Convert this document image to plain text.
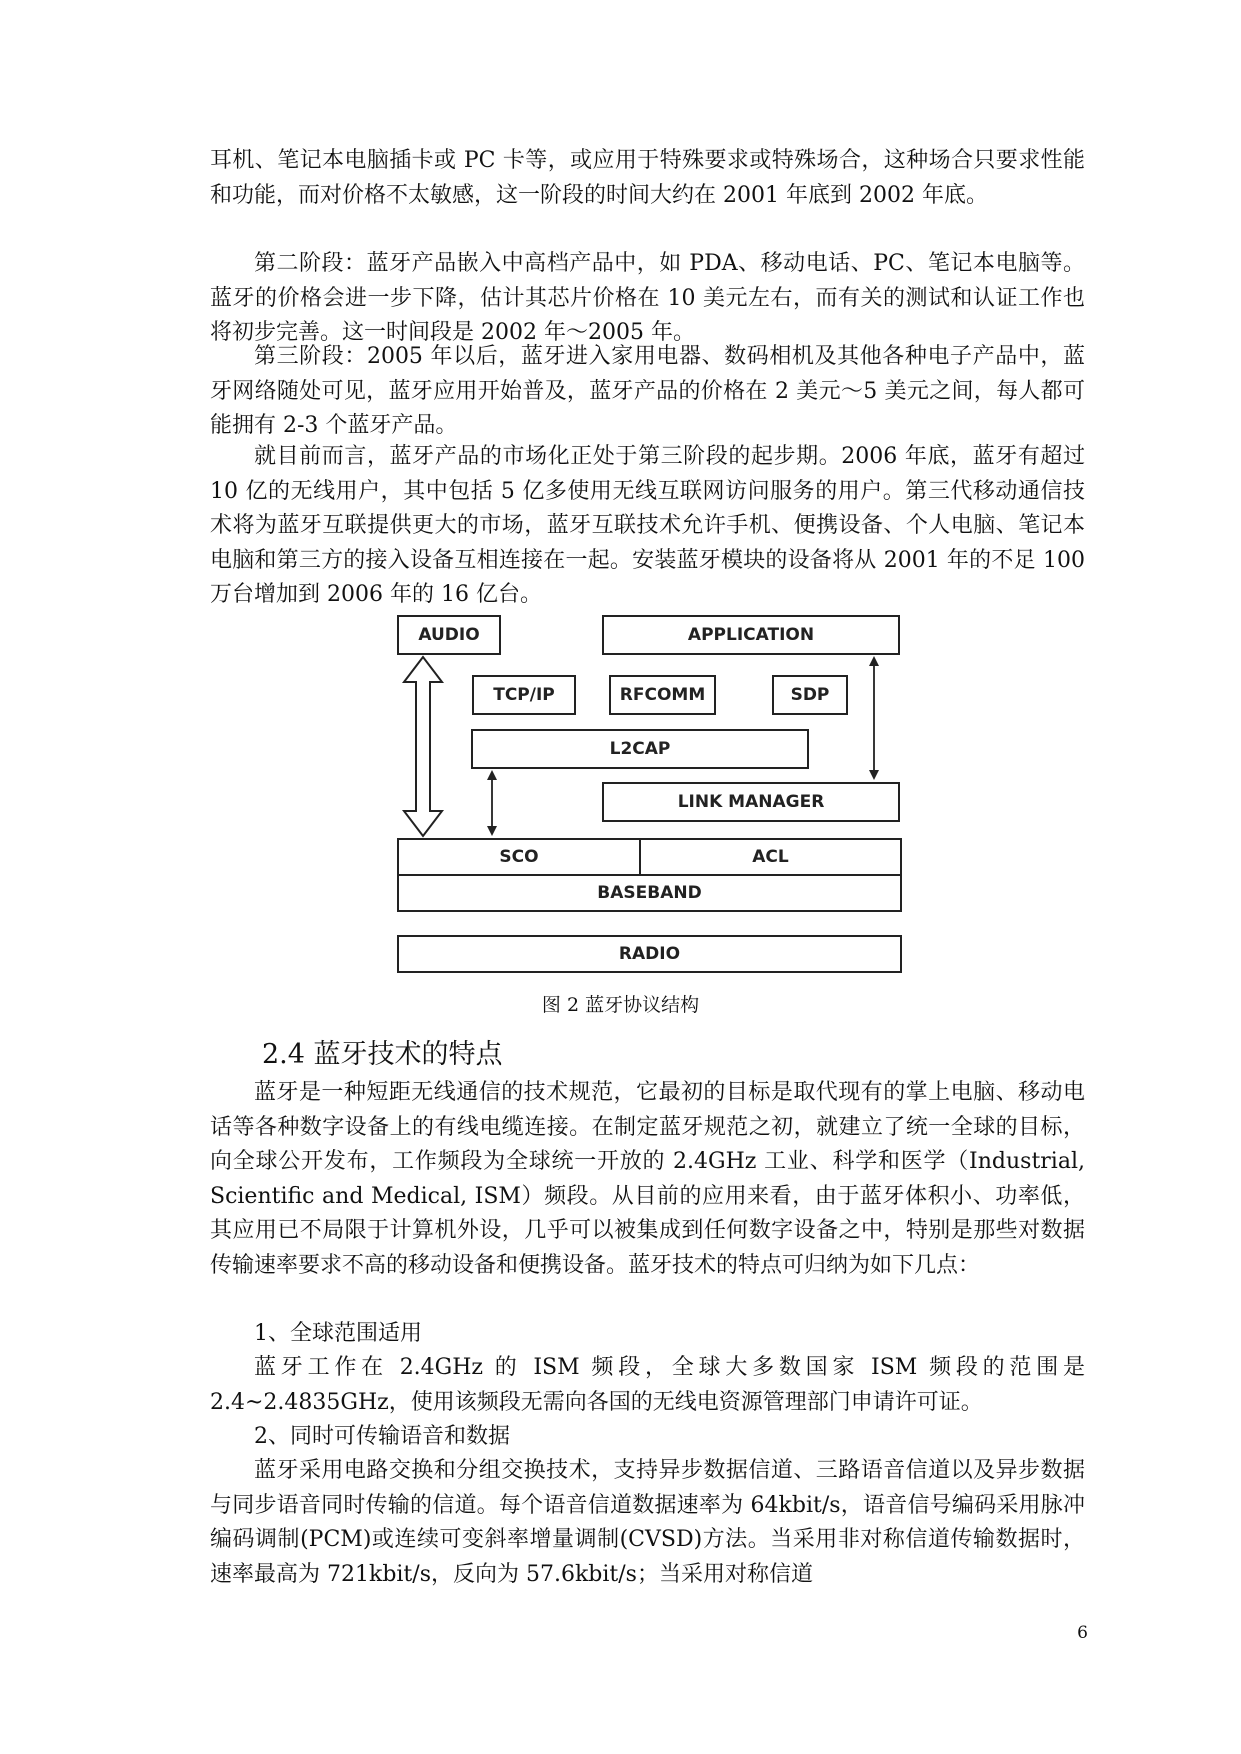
耳机、笔记本电脑插卡或 PC 卡等，或应用于特殊要求或特殊场合，这种场合只要求性能和功能，而对价格不太敏感，这一阶段的时间大约在 2001 年底到 2002 年底。

第二阶段：蓝牙产品嵌入中高档产品中，如 PDA、移动电话、PC、笔记本电脑等。蓝牙的价格会进一步下降，估计其芯片价格在 10 美元左右，而有关的测试和认证工作也将初步完善。这一时间段是 2002 年～2005 年。

第三阶段：2005 年以后，蓝牙进入家用电器、数码相机及其他各种电子产品中，蓝牙网络随处可见，蓝牙应用开始普及，蓝牙产品的价格在 2 美元～5 美元之间，每人都可能拥有 2-3 个蓝牙产品。

就目前而言，蓝牙产品的市场化正处于第三阶段的起步期。2006 年底，蓝牙有超过 10 亿的无线用户，其中包括 5 亿多使用无线互联网访问服务的用户。第三代移动通信技术将为蓝牙互联提供更大的市场，蓝牙互联技术允许手机、便携设备、个人电脑、笔记本电脑和第三方的接入设备互相连接在一起。安装蓝牙模块的设备将从 2001 年的不足 100 万台增加到 2006 年的 16 亿台。

AUDIO	APPLICATION
TCP/IP	RFCOMM	SDP
L2CAP
LINK MANAGER
SCO	ACL
BASEBAND
RADIO
图 2 蓝牙协议结构
2.4 蓝牙技术的特点

蓝牙是一种短距无线通信的技术规范，它最初的目标是取代现有的掌上电脑、移动电话等各种数字设备上的有线电缆连接。在制定蓝牙规范之初，就建立了统一全球的目标，向全球公开发布，工作频段为全球统一开放的 2.4GHz 工业、科学和医学（Industrial, Scientific and Medical, ISM）频段。从目前的应用来看，由于蓝牙体积小、功率低，其应用已不局限于计算机外设，几乎可以被集成到任何数字设备之中，特别是那些对数据传输速率要求不高的移动设备和便携设备。蓝牙技术的特点可归纳为如下几点：

1、全球范围适用

蓝牙工作在 2.4GHz 的 ISM 频段，全球大多数国家 ISM 频段的范围是 2.4~2.4835GHz，使用该频段无需向各国的无线电资源管理部门申请许可证。

2、同时可传输语音和数据

蓝牙采用电路交换和分组交换技术，支持异步数据信道、三路语音信道以及异步数据与同步语音同时传输的信道。每个语音信道数据速率为 64kbit/s，语音信号编码采用脉冲编码调制(PCM)或连续可变斜率增量调制(CVSD)方法。当采用非对称信道传输数据时，速率最高为 721kbit/s，反向为 57.6kbit/s；当采用对称信道

6
